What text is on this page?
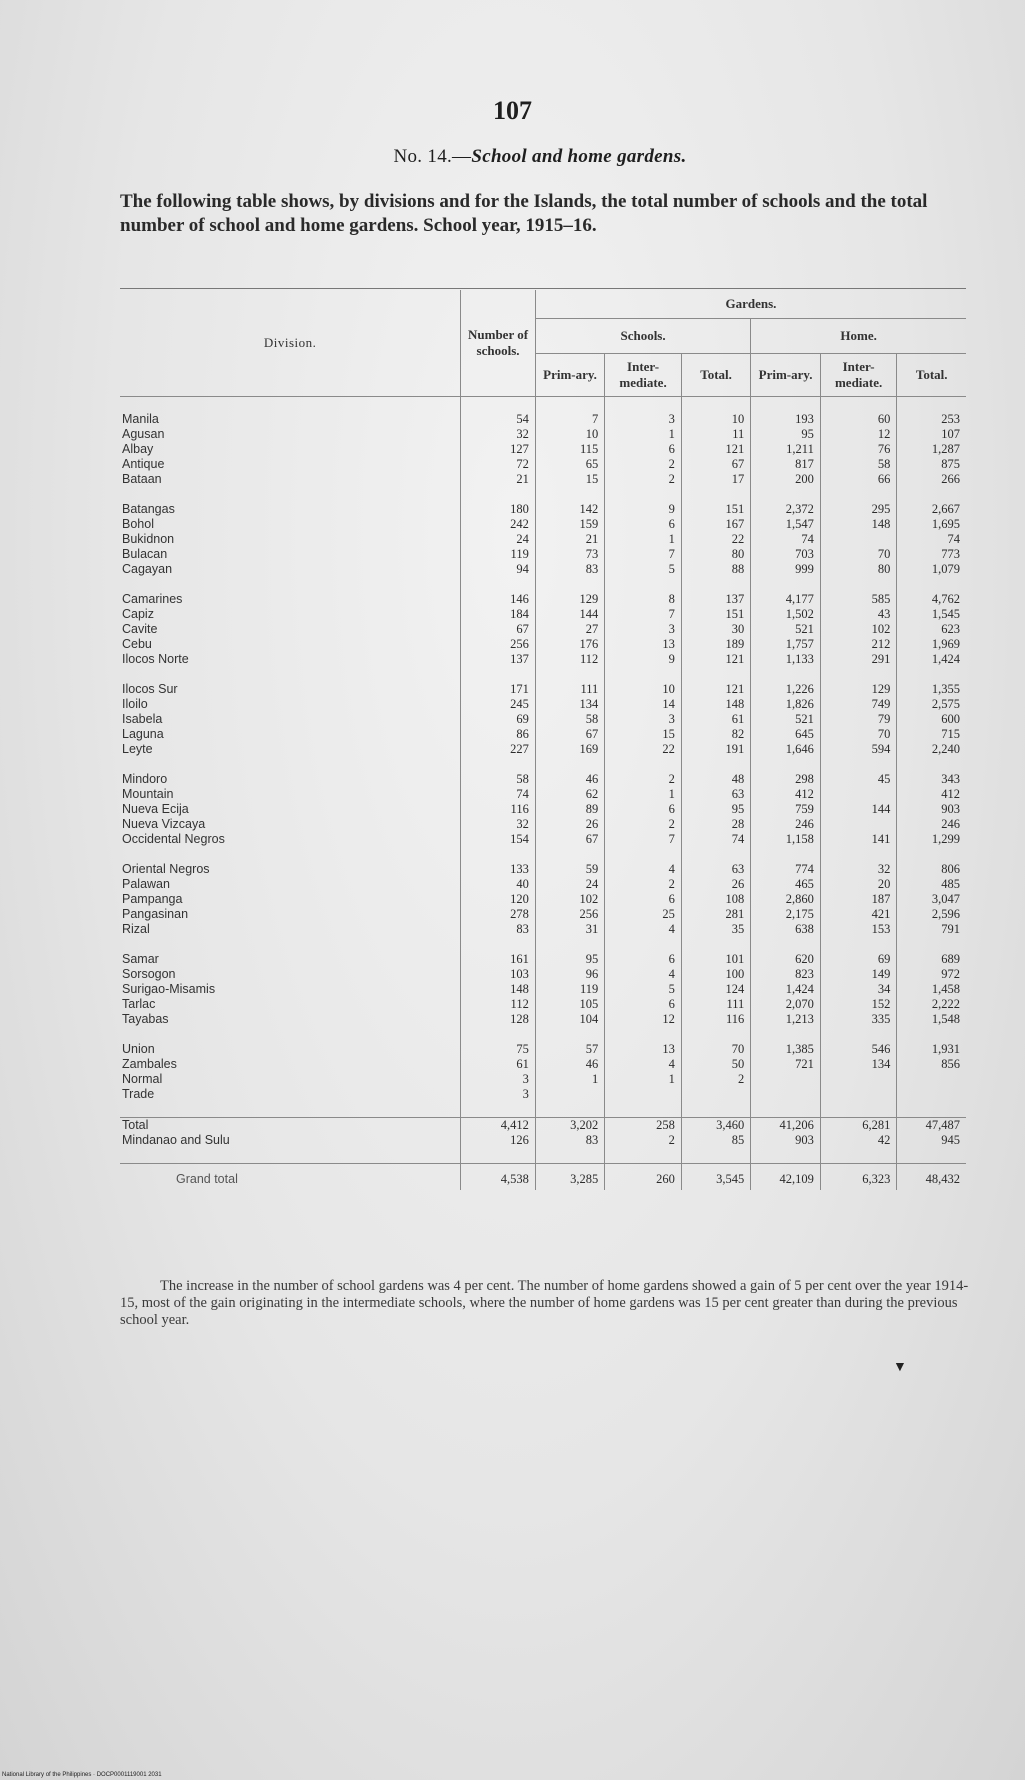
107
No. 14.—School and home gardens.
The following table shows, by divisions and for the Islands, the total number of schools and the total number of school and home gardens. School year, 1915–16.
Division.	Number of schools.	Gardens.					
		Schools.			Home.		
		Prim-ary.	Inter-mediate.	Total.	Prim-ary.	Inter-mediate.	Total.

Manila	54	7	3	10	193	60	253
Agusan	32	10	1	11	95	12	107
Albay	127	115	6	121	1,211	76	1,287
Antique	72	65	2	67	817	58	875
Bataan	21	15	2	17	200	66	266

Batangas	180	142	9	151	2,372	295	2,667
Bohol	242	159	6	167	1,547	148	1,695
Bukidnon	24	21	1	22	74		74
Bulacan	119	73	7	80	703	70	773
Cagayan	94	83	5	88	999	80	1,079

Camarines	146	129	8	137	4,177	585	4,762
Capiz	184	144	7	151	1,502	43	1,545
Cavite	67	27	3	30	521	102	623
Cebu	256	176	13	189	1,757	212	1,969
Ilocos Norte	137	112	9	121	1,133	291	1,424

Ilocos Sur	171	111	10	121	1,226	129	1,355
Iloilo	245	134	14	148	1,826	749	2,575
Isabela	69	58	3	61	521	79	600
Laguna	86	67	15	82	645	70	715
Leyte	227	169	22	191	1,646	594	2,240

Mindoro	58	46	2	48	298	45	343
Mountain	74	62	1	63	412		412
Nueva Ecija	116	89	6	95	759	144	903
Nueva Vizcaya	32	26	2	28	246		246
Occidental Negros	154	67	7	74	1,158	141	1,299

Oriental Negros	133	59	4	63	774	32	806
Palawan	40	24	2	26	465	20	485
Pampanga	120	102	6	108	2,860	187	3,047
Pangasinan	278	256	25	281	2,175	421	2,596
Rizal	83	31	4	35	638	153	791

Samar	161	95	6	101	620	69	689
Sorsogon	103	96	4	100	823	149	972
Surigao-Misamis	148	119	5	124	1,424	34	1,458
Tarlac	112	105	6	111	2,070	152	2,222
Tayabas	128	104	12	116	1,213	335	1,548

Union	75	57	13	70	1,385	546	1,931
Zambales	61	46	4	50	721	134	856
Normal	3	1	1	2			
Trade	3						

Total	4,412	3,202	258	3,460	41,206	6,281	47,487
Mindanao and Sulu	126	83	2	85	903	42	945

Grand total	4,538	3,285	260	3,545	42,109	6,323	48,432
The increase in the number of school gardens was 4 per cent. The number of home gardens showed a gain of 5 per cent over the year 1914-15, most of the gain originating in the intermediate schools, where the number of home gardens was 15 per cent greater than during the previous school year.
▼
National Library of the Philippines · DOCP0001119001 2031
